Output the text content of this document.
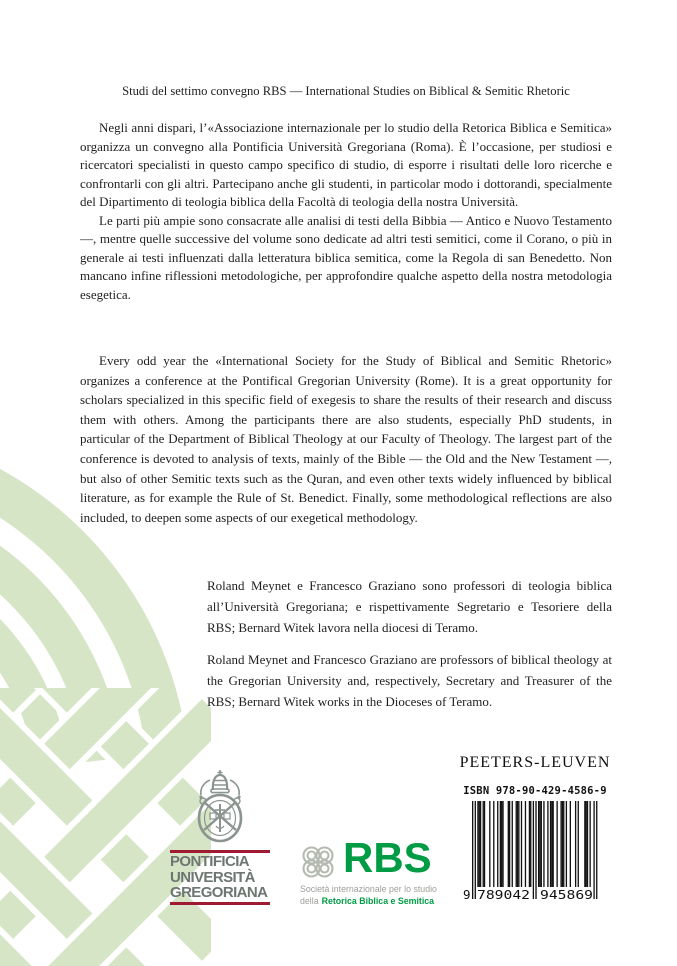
Studi del settimo convegno RBS — International Studies on Biblical & Semitic Rhetoric

Negli anni dispari, l’«Associazione internazionale per lo studio della Retorica Biblica e Semitica» organizza un convegno alla Pontificia Università Gregoriana (Roma). È l’occasione, per studiosi e ricercatori specialisti in questo campo specifico di studio, di esporre i risultati delle loro ricerche e confrontarli con gli altri. Partecipano anche gli studenti, in particolar modo i dottorandi, specialmente del Dipartimento di teologia biblica della Facoltà di teologia della nostra Università.

Le parti più ampie sono consacrate alle analisi di testi della Bibbia — Antico e Nuovo Testamento —, mentre quelle successive del volume sono dedicate ad altri testi semitici, come il Corano, o più in generale ai testi influenzati dalla letteratura biblica semitica, come la Regola di san Benedetto. Non mancano infine riflessioni metodologiche, per approfondire qualche aspetto della nostra metodologia esegetica.

Every odd year the «International Society for the Study of Biblical and Semitic Rhetoric» organizes a conference at the Pontifical Gregorian University (Rome). It is a great opportunity for scholars specialized in this specific field of exegesis to share the results of their research and discuss them with others. Among the participants there are also students, especially PhD students, in particular of the Department of Biblical Theology at our Faculty of Theology. The largest part of the conference is devoted to analysis of texts, mainly of the Bible — the Old and the New Testament —, but also of other Semitic texts such as the Quran, and even other texts widely influenced by biblical literature, as for example the Rule of St. Benedict. Finally, some methodological reflections are also included, to deepen some aspects of our exegetical methodology.

Roland Meynet e Francesco Graziano sono professori di teologia biblica all’Università Gregoriana; e rispettivamente Segretario e Tesoriere della RBS; Bernard Witek lavora nella diocesi di Teramo.
Roland Meynet and Francesco Graziano are professors of biblical theology at the Gregorian University and, respectively, Secretary and Treasurer of the RBS; Bernard Witek works in the Dioceses of Teramo.
PEETERS-LEUVEN
ISBN 978-90-429-4586-9
9 789042 945869
PONTIFICIA
UNIVERSITÀ
GREGORIANA
RBS
Società internazionale per lo studio
della Retorica Biblica e Semitica
